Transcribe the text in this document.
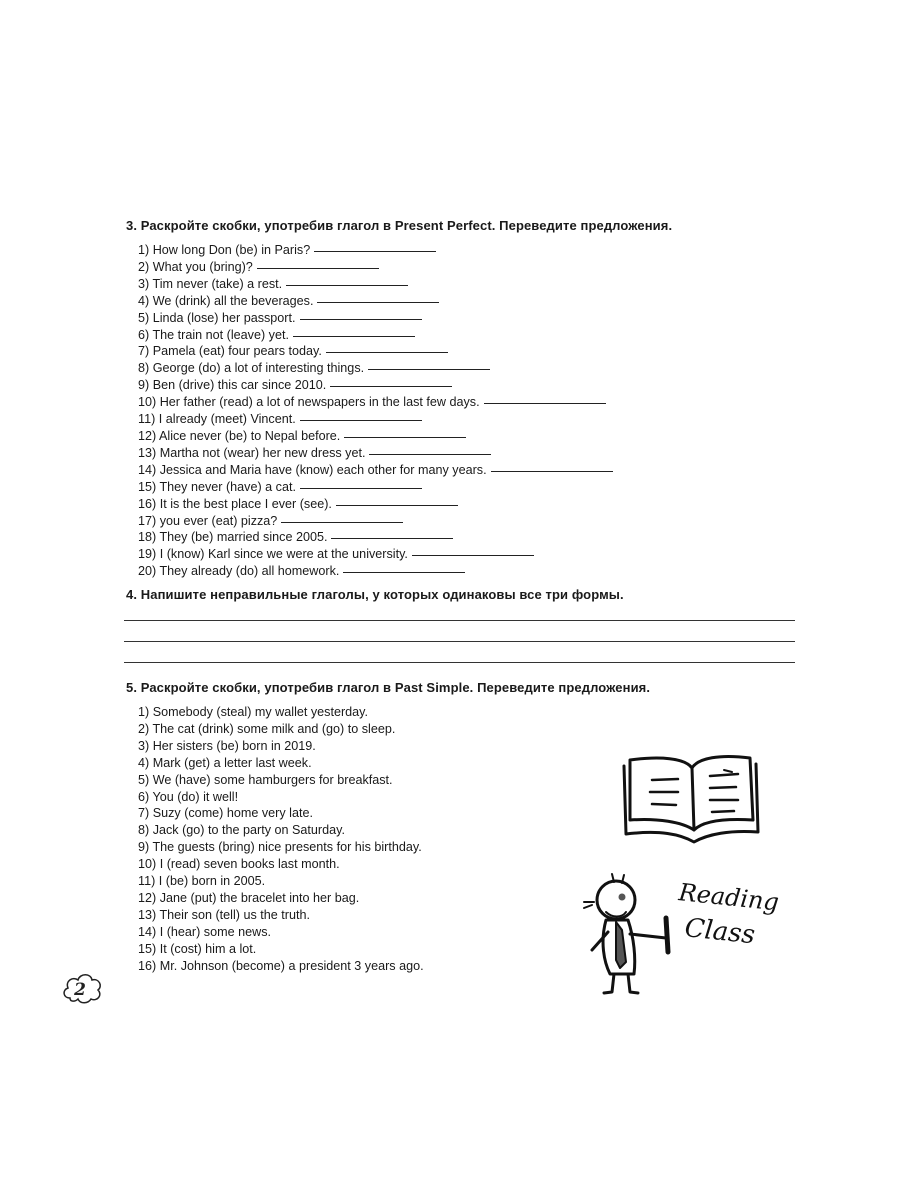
3. Раскройте скобки, употребив глагол в Present Perfect. Переведите предложения.
1) How long Don (be) in Paris?
2) What you (bring)?
3) Tim never (take) a rest.
4) We (drink) all the beverages.
5) Linda (lose) her passport.
6) The train not (leave) yet.
7) Pamela (eat) four pears today.
8) George (do) a lot of interesting things.
9) Ben (drive) this car since 2010.
10) Her father (read) a lot of newspapers in the last few days.
11) I already (meet) Vincent.
12) Alice never (be) to Nepal before.
13) Martha not (wear) her new dress yet.
14) Jessica and Maria have (know) each other for many years.
15) They never (have) a cat.
16) It is the best place I ever (see).
17) you ever (eat) pizza?
18) They (be) married since 2005.
19) I (know) Karl since we were at the university.
20) They already (do) all homework.
4. Напишите неправильные глаголы, у которых одинаковы все три формы.
5. Раскройте скобки, употребив глагол в Past Simple. Переведите предложения.
1) Somebody (steal) my wallet yesterday.
2) The cat (drink) some milk and (go) to sleep.
3) Her sisters (be) born in 2019.
4) Mark (get) a letter last week.
5) We (have) some hamburgers for breakfast.
6) You (do) it well!
7) Suzy (come) home very late.
8) Jack (go) to the party on Saturday.
9) The guests (bring) nice presents for his birthday.
10) I (read) seven books last month.
11) I (be) born in 2005.
12) Jane (put) the bracelet into her bag.
13) Their son (tell) us the truth.
14) I (hear) some news.
15) It (cost) him a lot.
16) Mr. Johnson (become) a president 3 years ago.
Reading
Class
2
